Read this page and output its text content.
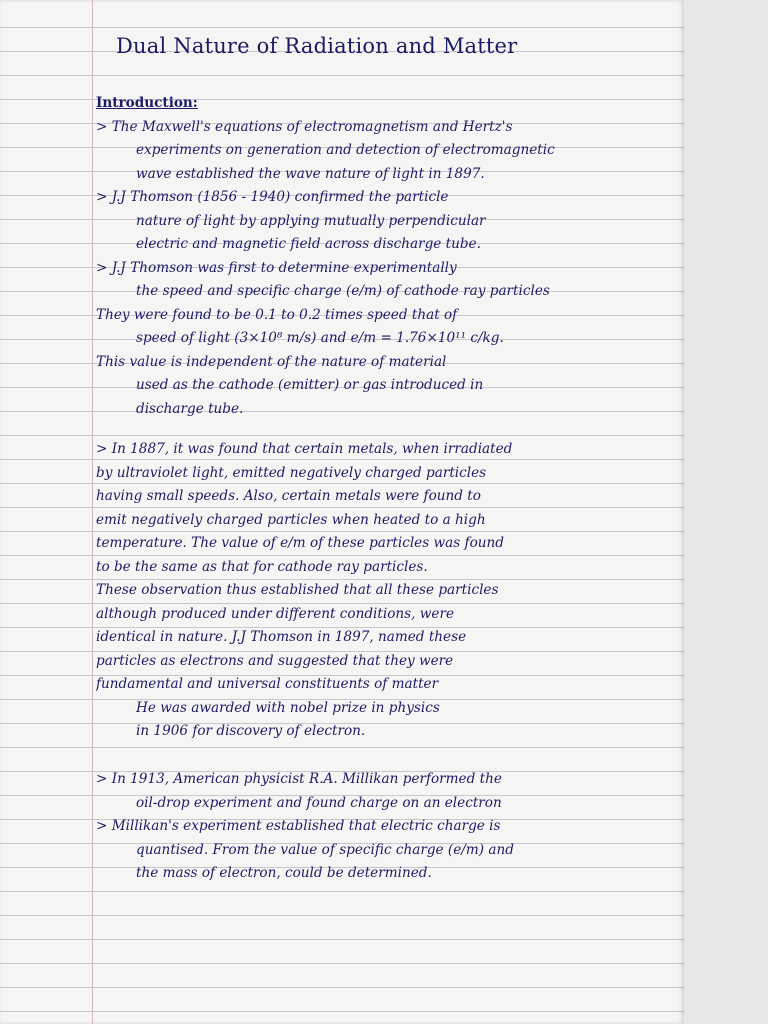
Dual Nature of Radiation and Matter
Introduction:
> The Maxwell's equations of electromagnetism and Hertz's
experiments on generation and detection of electromagnetic
wave established the wave nature of light in 1897.
> J.J Thomson (1856 - 1940) confirmed the particle
nature of light by applying mutually perpendicular
electric and magnetic field across discharge tube.
> J.J Thomson was first to determine experimentally
the speed and specific charge (e/m) of cathode ray particles
They were found to be 0.1 to 0.2 times speed that of
speed of light (3×10⁸ m/s) and e/m = 1.76×10¹¹ c/kg.
This value is independent of the nature of material
used as the cathode (emitter) or gas introduced in
discharge tube.
> In 1887, it was found that certain metals, when irradiated
by ultraviolet light, emitted negatively charged particles
having small speeds. Also, certain metals were found to
emit negatively charged particles when heated to a high
temperature. The value of e/m of these particles was found
to be the same as that for cathode ray particles.
These observation thus established that all these particles
although produced under different conditions, were
identical in nature. J.J Thomson in 1897, named these
particles as electrons and suggested that they were
fundamental and universal constituents of matter
He was awarded with nobel prize in physics
in 1906 for discovery of electron.
> In 1913, American physicist R.A. Millikan performed the
oil-drop experiment and found charge on an electron
> Millikan's experiment established that electric charge is
quantised. From the value of specific charge (e/m) and
the mass of electron, could be determined.
